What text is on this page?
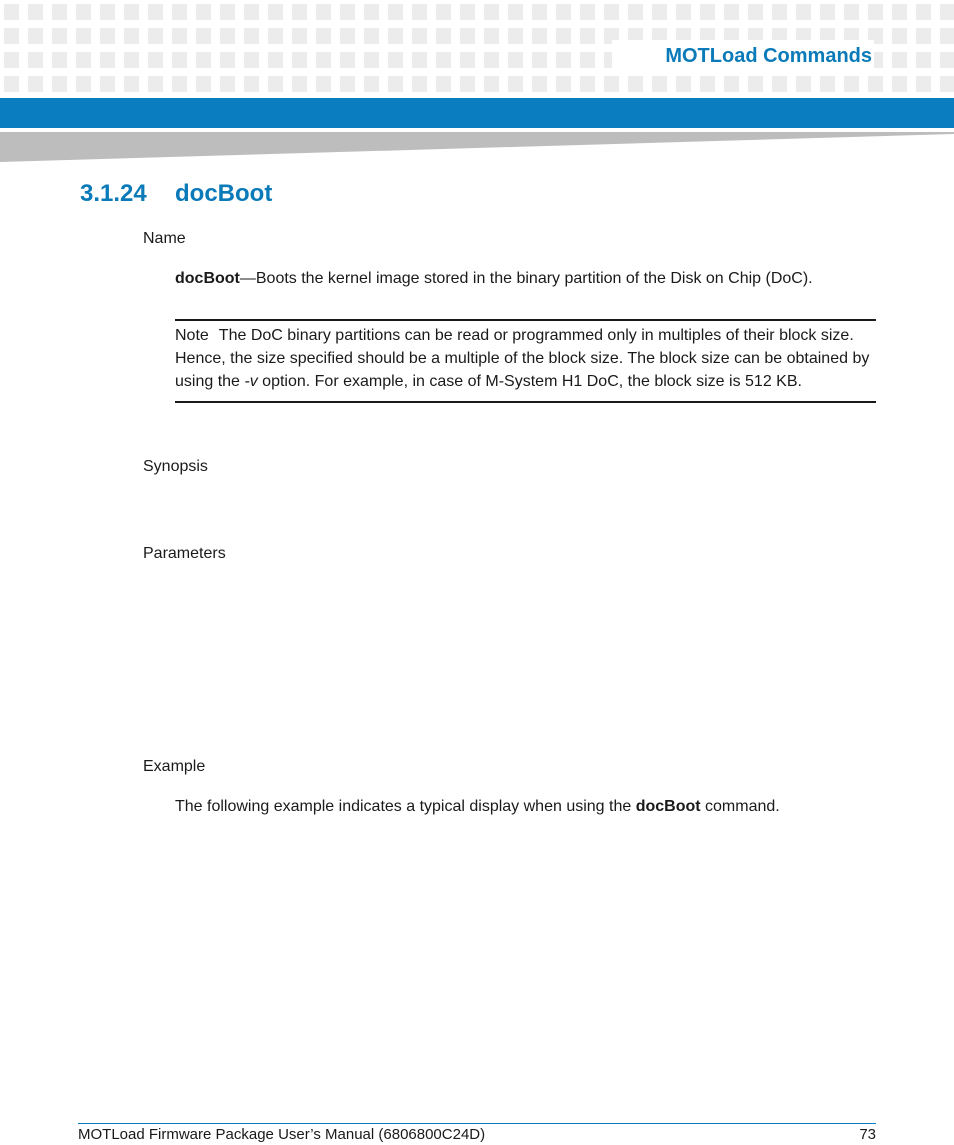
MOTLoad Commands
3.1.24 docBoot
Name
docBoot—Boots the kernel image stored in the binary partition of the Disk on Chip (DoC).
Note The DoC binary partitions can be read or programmed only in multiples of their block size. Hence, the size specified should be a multiple of the block size. The block size can be obtained by using the -v option. For example, in case of M-System H1 DoC, the block size is 512 KB.
Synopsis
Parameters
Example
The following example indicates a typical display when using the docBoot command.
MOTLoad Firmware Package User’s Manual (6806800C24D)	73
